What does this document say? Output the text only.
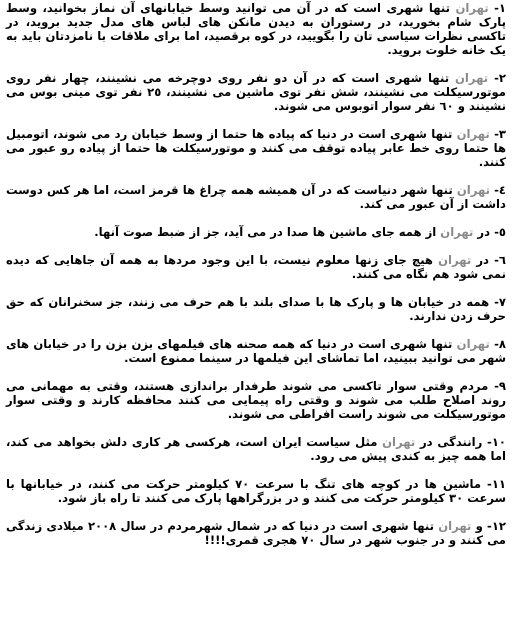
١- تهران تنها شهری است که در آن می توانید وسط خیابانهای آن نماز بخوانید، وسط پارک شام بخورید، در رستوران به دیدن مانکن های لباس های مدل جدید بروید، در تاکسی نظرات سیاسی تان را بگویید، در کوه برقصید، اما برای ملاقات با نامزدتان باید به یک خانه خلوت بروید.

٢- تهران تنها شهری است که در آن دو نفر روی دوچرخه می نشینند، چهار نفر روی موتورسیکلت می نشینند، شش نفر توی ماشین می نشینند، ٢٥ نفر توی مینی بوس می نشینند و ٦٠ نفر سوار اتوبوس می شوند.

٣- تهران تنها شهری است در دنیا که پیاده ها حتما از وسط خیابان رد می شوند، اتومبیل ها حتما روی خط عابر پیاده توقف می کنند و موتورسیکلت ها حتما از پیاده رو عبور می کنند.

٤- تهران تنها شهر دنیاست که در آن همیشه همه چراغ ها قرمز است، اما هر کس دوست داشت از آن عبور می کند.

٥- در تهران از همه جای ماشین ها صدا در می آید، جز از ضبط صوت آنها.

٦- در تهران هیچ جای زنها معلوم نیست، با این وجود مردها به همه آن جاهایی که دیده نمی شود هم نگاه می کنند.

٧- همه در خیابان ها و پارک ها با صدای بلند با هم حرف می زنند، جز سخنرانان که حق حرف زدن ندارند.

٨- تهران تنها شهری است در دنیا که همه صحنه های فیلمهای بزن بزن را در خیابان های شهر می توانید ببینید، اما تماشای این فیلمها در سینما ممنوع است.

٩- مردم وقتی سوار تاکسی می شوند طرفدار براندازی هستند، وقتی به مهمانی می روند اصلاح طلب می شوند و وقتی راه پیمایی می کنند محافظه کارند و وقتی سوار موتورسیکلت می شوند راست افراطی می شوند.

١٠- رانندگی در تهران مثل سیاست ایران است، هرکسی هر کاری دلش بخواهد می کند، اما همه چیز به کندی پیش می رود.

١١- ماشین ها در کوچه های تنگ با سرعت ٧٠ کیلومتر حرکت می کنند، در خیابانها با سرعت ٣٠ کیلومتر حرکت می کنند و در بزرگراهها پارک می کنند تا راه باز شود.

١٢- و تهران تنها شهری است در دنیا که در شمال شهرمردم در سال ٢٠٠٨ میلادی زندگی می کنند و در جنوب شهر در سال ٧٠ هجری قمری!!!!
